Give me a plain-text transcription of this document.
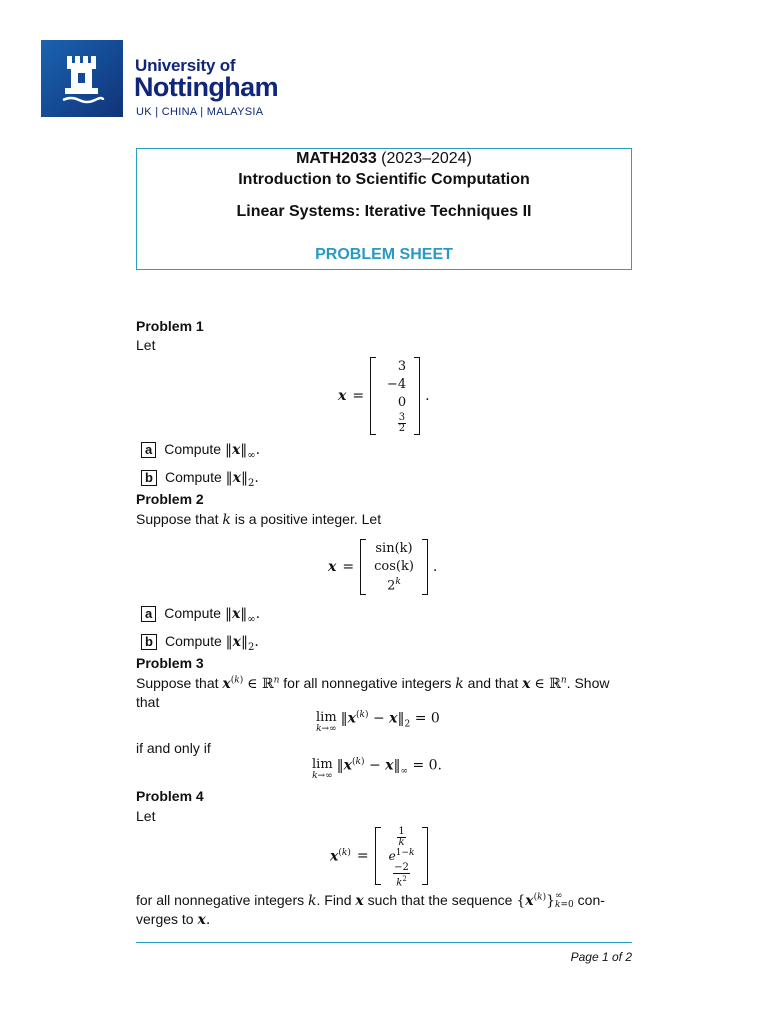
University of
Nottingham
UK | CHINA | MALAYSIA
MATH2033 (2023–2024)
Introduction to Scientific Computation
Linear Systems: Iterative Techniques II
PROBLEM SHEET
Problem 1
Let
x =
3
−4
0
$\frac{3}{2}$
.
a Compute $‖x‖_\infty$.
b Compute $‖x‖_2$.
Problem 2
Suppose that k is a positive integer. Let
x =
sin(k)
cos(k)
2$^k$
.
a Compute $‖x‖_\infty$.
b Compute $‖x‖_2$.
Problem 3
Suppose that $x^{(k)}$ ∈ ℝ$^n$ for all nonnegative integers k and that x ∈ ℝ$^n$. Show
that
lim
k→∞
$‖x^{(k)}$ − $x‖_2 = 0$
if and only if
lim
k→∞
$‖x^{(k)}$ − $x‖_\infty = 0$.
Problem 4
Let
$x^{(k)}$ =
$\frac{1}{k}$
$e^{1-k}$
$\frac{-2}{k^2}$
for all nonnegative integers k. Find x such that the sequence $\{x^{(k)}\}$ ∞
k=0 con-
verges to x.
Page 1 of 2
